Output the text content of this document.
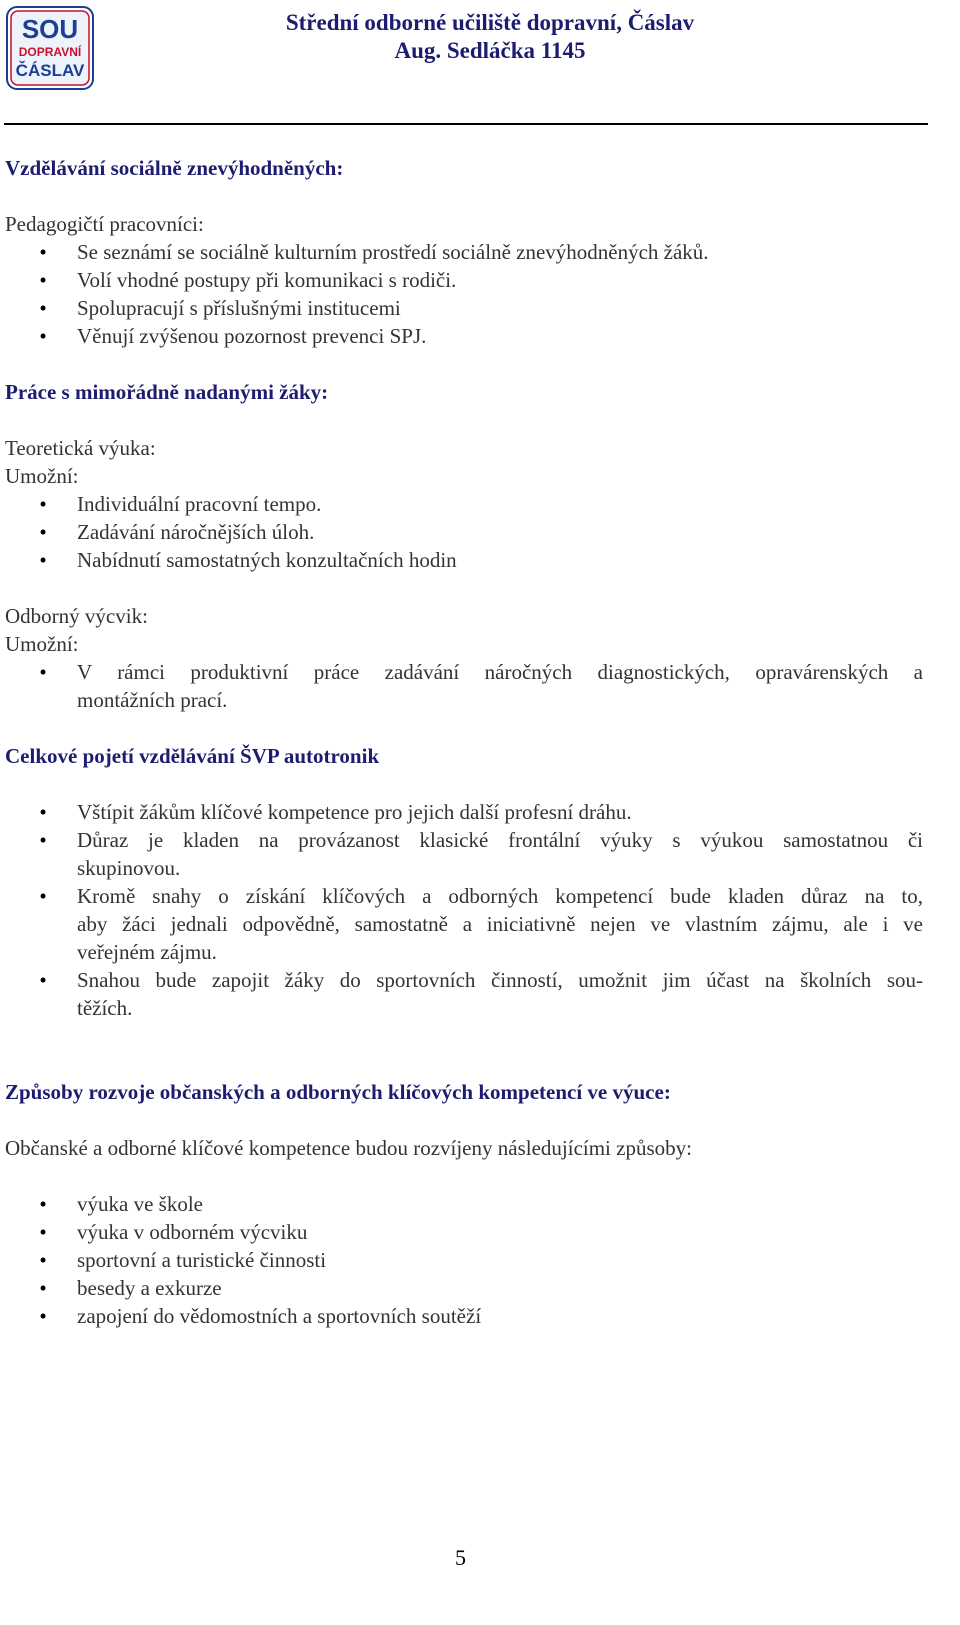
SOU
DOPRAVNÍ
ČÁSLAV
Střední odborné učiliště dopravní, Čáslav
Aug. Sedláčka 1145
Vzdělávání sociálně znevýhodněných:
Pedagogičtí pracovníci:
• Se seznámí se sociálně kulturním prostředí sociálně znevýhodněných žáků.
• Volí vhodné postupy při komunikaci s rodiči.
• Spolupracují s příslušnými institucemi
• Věnují zvýšenou pozornost prevenci SPJ.
Práce s mimořádně nadanými žáky:
Teoretická výuka:
Umožní:
• Individuální pracovní tempo.
• Zadávání náročnějších úloh.
• Nabídnutí samostatných konzultačních hodin
Odborný výcvik:
Umožní:
• V rámci produktivní práce zadávání náročných diagnostických, opravárenských a
montážních prací.
Celkové pojetí vzdělávání ŠVP autotronik
• Vštípit žákům klíčové kompetence pro jejich další profesní dráhu.
• Důraz je kladen na provázanost klasické frontální výuky s výukou samostatnou či
skupinovou.
• Kromě snahy o získání klíčových a odborných kompetencí bude kladen důraz na to,
aby žáci jednali odpovědně, samostatně a iniciativně nejen ve vlastním zájmu, ale i ve
veřejném zájmu.
• Snahou bude zapojit žáky do sportovních činností, umožnit jim účast na školních sou-
těžích.
Způsoby rozvoje občanských a odborných klíčových kompetencí ve výuce:
Občanské a odborné klíčové kompetence budou rozvíjeny následujícími způsoby:
• výuka ve škole
• výuka v odborném výcviku
• sportovní a turistické činnosti
• besedy a exkurze
• zapojení do vědomostních a sportovních soutěží
5
